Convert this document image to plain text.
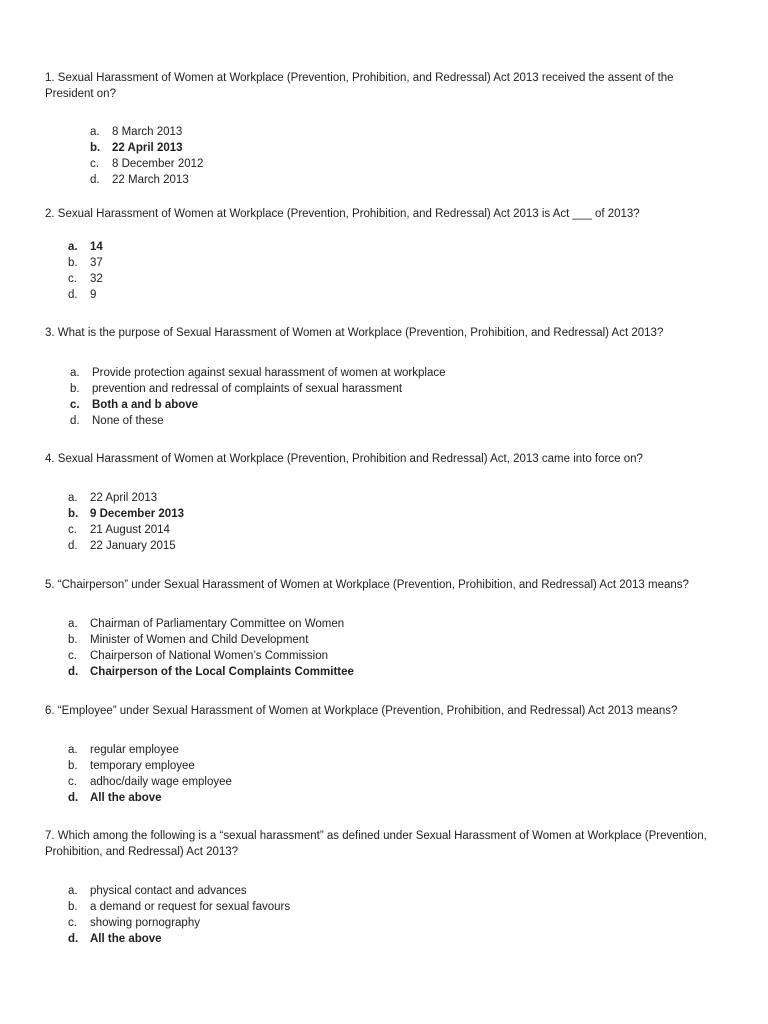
1. Sexual Harassment of Women at Workplace (Prevention, Prohibition, and Redressal) Act 2013 received the assent of the President on?

a.	8 March 2013
b.	22 April 2013
c.	8 December 2012
d.	22 March 2013

2. Sexual Harassment of Women at Workplace (Prevention, Prohibition, and Redressal) Act 2013 is Act ___ of 2013?

a.	14
b.	37
c.	32
d.	9

3. What is the purpose of Sexual Harassment of Women at Workplace (Prevention, Prohibition, and Redressal) Act 2013?

a.	Provide protection against sexual harassment of women at workplace
b.	prevention and redressal of complaints of sexual harassment
c.	Both a and b above
d.	None of these

4. Sexual Harassment of Women at Workplace (Prevention, Prohibition and Redressal) Act, 2013 came into force on?

a.	22 April 2013
b.	9 December 2013
c.	21 August 2014
d.	22 January 2015

5. “Chairperson” under Sexual Harassment of Women at Workplace (Prevention, Prohibition, and Redressal) Act 2013 means?

a.	Chairman of Parliamentary Committee on Women
b.	Minister of Women and Child Development
c.	Chairperson of National Women’s Commission
d.	Chairperson of the Local Complaints Committee

6. “Employee” under Sexual Harassment of Women at Workplace (Prevention, Prohibition, and Redressal) Act 2013 means?

a.	regular employee
b.	temporary employee
c.	adhoc/daily wage employee
d.	All the above

7. Which among the following is a “sexual harassment” as defined under Sexual Harassment of Women at Workplace (Prevention, Prohibition, and Redressal) Act 2013?

a.	physical contact and advances
b.	a demand or request for sexual favours
c.	showing pornography
d.	All the above
